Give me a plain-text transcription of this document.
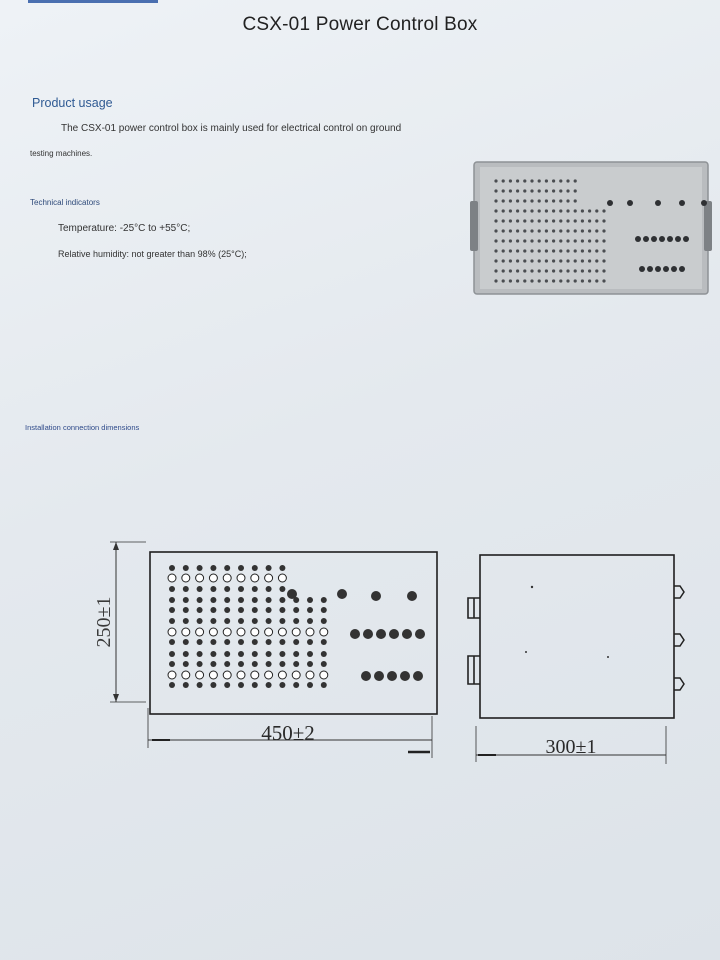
CSX-01 Power Control Box
Product usage
The CSX-01 power control box is mainly used for electrical control on ground
testing machines.
Technical indicators
Temperature: -25°C to +55°C;
Relative humidity: not greater than 98% (25°C);
Installation connection dimensions
250±1
450±2
300±1
